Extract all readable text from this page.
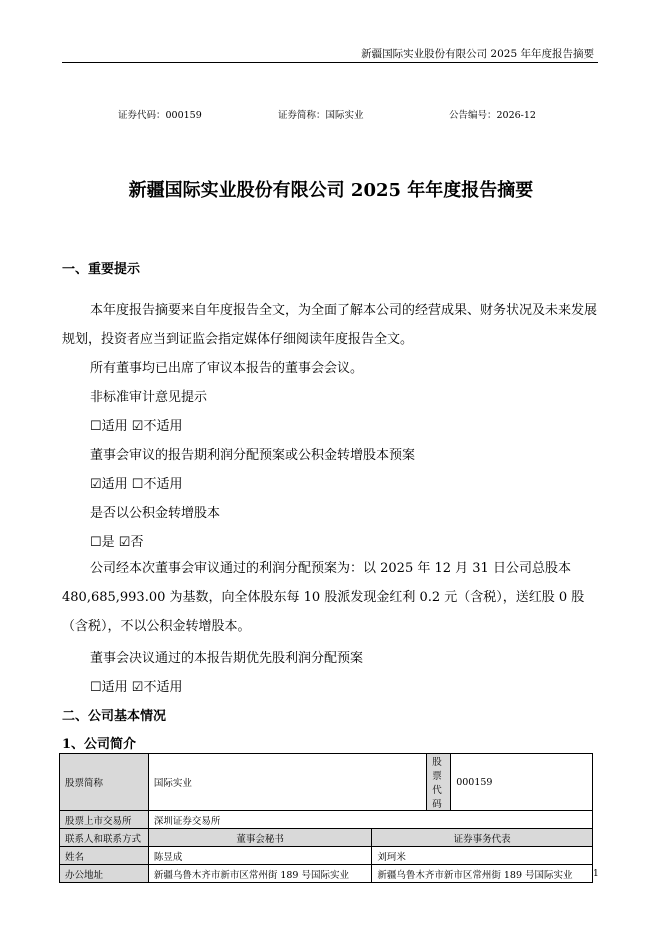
新疆国际实业股份有限公司 2025 年年度报告摘要
证券代码：000159	证券简称：国际实业	公告编号：2026-12
新疆国际实业股份有限公司 2025 年年度报告摘要
一、重要提示
本年度报告摘要来自年度报告全文，为全面了解本公司的经营成果、财务状况及未来发展规划，投资者应当到证监会指定媒体仔细阅读年度报告全文。
所有董事均已出席了审议本报告的董事会会议。
非标准审计意见提示
☐适用 ☑不适用
董事会审议的报告期利润分配预案或公积金转增股本预案
☑适用 ☐不适用
是否以公积金转增股本
☐是 ☑否
公司经本次董事会审议通过的利润分配预案为：以 2025 年 12 月 31 日公司总股本 480,685,993.00 为基数，向全体股东每 10 股派发现金红利 0.2 元（含税），送红股 0 股（含税），不以公积金转增股本。
董事会决议通过的本报告期优先股利润分配预案
☐适用 ☑不适用
二、公司基本情况
1、公司简介
股票简称	国际实业		股票代码	000159
股票上市交易所	深圳证券交易所			
联系人和联系方式	董事会秘书	证券事务代表		
姓名	陈昱成	刘珂米		
办公地址	新疆乌鲁木齐市新市区常州街 189 号国际实业	新疆乌鲁木齐市新市区常州街 189 号国际实业		1
